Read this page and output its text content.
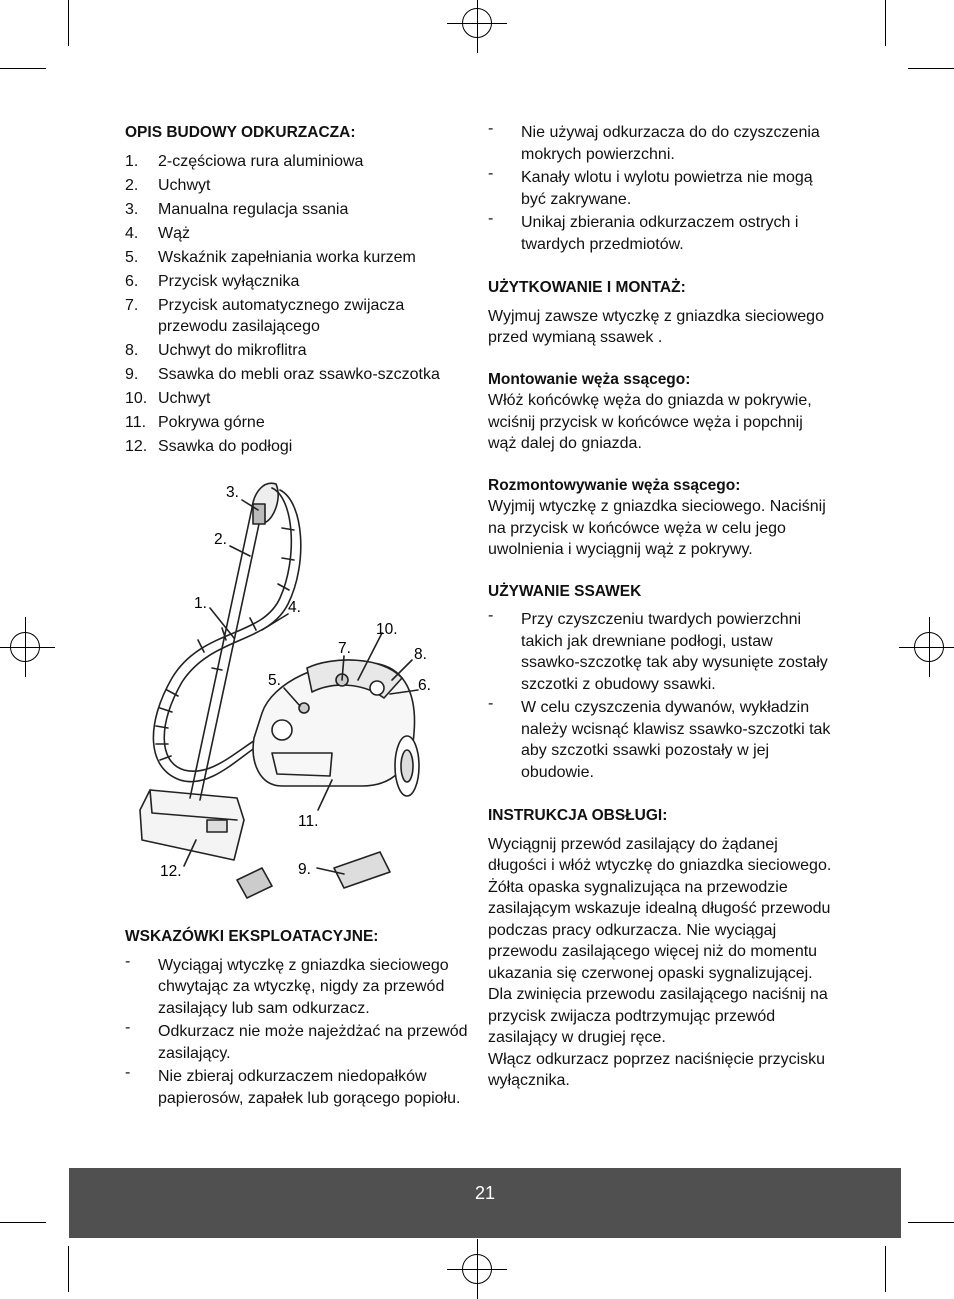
OPIS BUDOWY ODKURZACZA:
1.	2-częściowa rura aluminiowa
2.	Uchwyt
3.	Manualna regulacja ssania
4.	Wąż
5.	Wskaźnik zapełniania worka kurzem
6.	Przycisk wyłącznika
7.	Przycisk automatycznego zwijacza przewodu zasilającego
8.	Uchwyt do mikroflitra
9.	Ssawka do mebli oraz ssawko-szczotka
10. Uchwyt
11. Pokrywa górne
12. Ssawka do podłogi
3.
2.
1.	4.
10.
7.	8.
5.	6.
11.
9.
12.
WSKAZÓWKI EKSPLOATACYJNE:
-	Wyciągaj wtyczkę z gniazdka sieciowego chwytając za wtyczkę, nigdy za przewód zasilający lub sam odkurzacz.
-	Odkurzacz nie może najeżdżać na przewód zasilający.
-	Nie zbieraj odkurzaczem niedopałków papierosów, zapałek lub gorącego popiołu.
-	Nie używaj odkurzacza do do czyszczenia mokrych powierzchni.
-	Kanały wlotu i wylotu powietrza nie mogą być zakrywane.
-	Unikaj zbierania odkurzaczem ostrych i twardych przedmiotów.
UŻYTKOWANIE I MONTAŻ:

Wyjmuj zawsze wtyczkę z gniazdka sieciowego przed wymianą ssawek .

Montowanie węża ssącego:

Włóż końcówkę węża do gniazda w pokrywie, wciśnij przycisk w końcówce węża i popchnij wąż dalej do gniazda.

Rozmontowywanie węża ssącego:

Wyjmij wtyczkę z gniazdka sieciowego. Naciśnij na przycisk w końcówce węża w celu jego uwolnienia i wyciągnij wąż z pokrywy.

UŻYWANIE SSAWEK
-	Przy czyszczeniu twardych powierzchni takich jak drewniane podłogi, ustaw ssawko-szczotkę tak aby wysunięte zostały szczotki z obudowy ssawki.
-	W celu czyszczenia dywanów, wykładzin należy wcisnąć klawisz ssawko-szczotki tak aby szczotki ssawki pozostały w jej obudowie.
INSTRUKCJA OBSŁUGI:

Wyciągnij przewód zasilający do żądanej długości i włóż wtyczkę do gniazdka sieciowego. Żółta opaska sygnalizująca na przewodzie zasilającym wskazuje idealną długość przewodu podczas pracy odkurzacza. Nie wyciągaj przewodu zasilającego więcej niż do momentu ukazania się czerwonej opaski sygnalizującej.

Dla zwinięcia przewodu zasilającego naciśnij na przycisk zwijacza podtrzymując przewód zasilający w drugiej ręce.

Włącz odkurzacz poprzez naciśnięcie przycisku wyłącznika.

21
